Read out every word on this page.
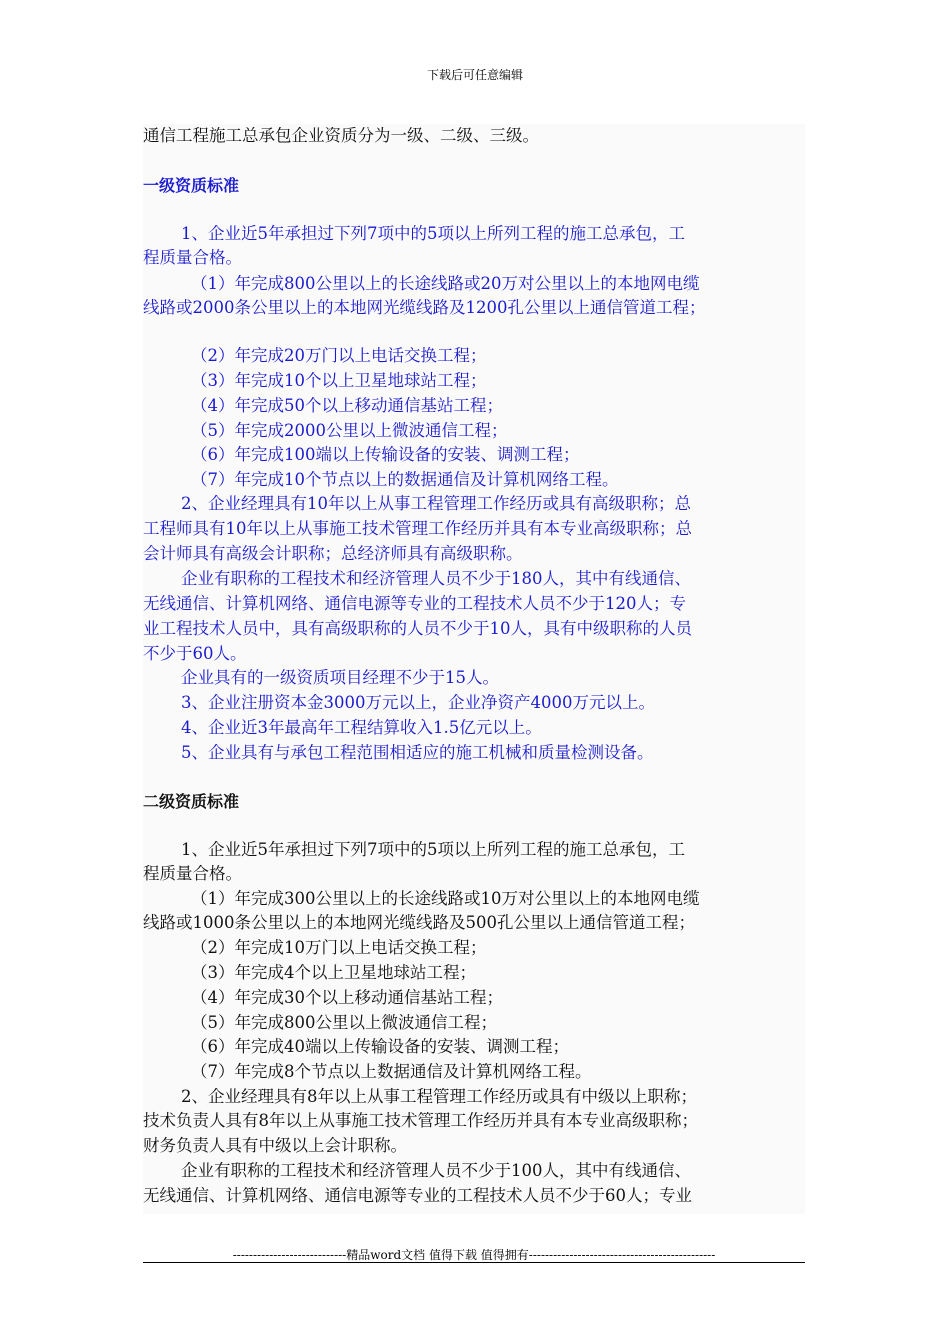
下载后可任意编辑
通信工程施工总承包企业资质分为一级、二级、三级。
一级资质标准
1、企业近5年承担过下列7项中的5项以上所列工程的施工总承包，工
程质量合格。
（1）年完成800公里以上的长途线路或20万对公里以上的本地网电缆
线路或2000条公里以上的本地网光缆线路及1200孔公里以上通信管道工程；
（2）年完成20万门以上电话交换工程；
（3）年完成10个以上卫星地球站工程；
（4）年完成50个以上移动通信基站工程；
（5）年完成2000公里以上微波通信工程；
（6）年完成100端以上传输设备的安装、调测工程；
（7）年完成10个节点以上的数据通信及计算机网络工程。
2、企业经理具有10年以上从事工程管理工作经历或具有高级职称；总
工程师具有10年以上从事施工技术管理工作经历并具有本专业高级职称；总
会计师具有高级会计职称；总经济师具有高级职称。
企业有职称的工程技术和经济管理人员不少于180人，其中有线通信、
无线通信、计算机网络、通信电源等专业的工程技术人员不少于120人；专
业工程技术人员中，具有高级职称的人员不少于10人，具有中级职称的人员
不少于60人。
企业具有的一级资质项目经理不少于15人。
3、企业注册资本金3000万元以上，企业净资产4000万元以上。
4、企业近3年最高年工程结算收入1.5亿元以上。
5、企业具有与承包工程范围相适应的施工机械和质量检测设备。
二级资质标准
1、企业近5年承担过下列7项中的5项以上所列工程的施工总承包，工
程质量合格。
（1）年完成300公里以上的长途线路或10万对公里以上的本地网电缆
线路或1000条公里以上的本地网光缆线路及500孔公里以上通信管道工程；
（2）年完成10万门以上电话交换工程；
（3）年完成4个以上卫星地球站工程；
（4）年完成30个以上移动通信基站工程；
（5）年完成800公里以上微波通信工程；
（6）年完成40端以上传输设备的安装、调测工程；
（7）年完成8个节点以上数据通信及计算机网络工程。
2、企业经理具有8年以上从事工程管理工作经历或具有中级以上职称；
技术负责人具有8年以上从事施工技术管理工作经历并具有本专业高级职称；
财务负责人具有中级以上会计职称。
企业有职称的工程技术和经济管理人员不少于100人，其中有线通信、
无线通信、计算机网络、通信电源等专业的工程技术人员不少于60人；专业
----------------------------精品word文档 值得下载 值得拥有----------------------------------------------
